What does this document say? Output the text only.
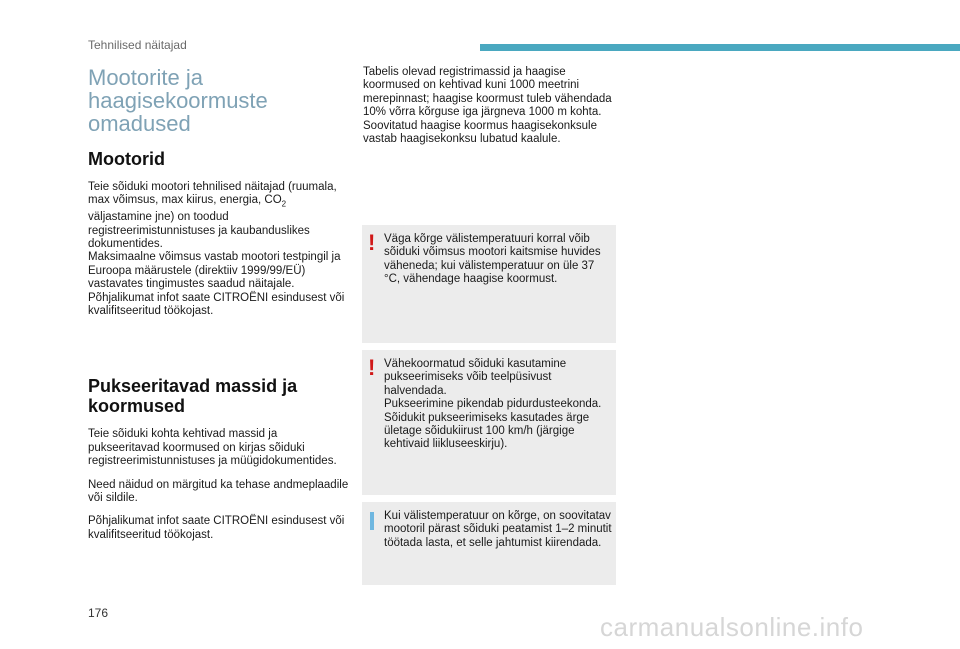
Tehnilised näitajad
Mootorite ja
haagisekoormuste
omadused
Mootorid

Teie sõiduki mootori tehnilised näitajad (ruumala, max võimsus, max kiirus, energia, $CO_2$ väljastamine jne) on toodud registreerimistunnistuses ja kaubanduslikes dokumentides.

Maksimaalne võimsus vastab mootori testpingil ja Euroopa määrustele (direktiiv 1999/99/EÜ) vastavates tingimustes saadud näitajale.
Põhjalikumat infot saate CITROËNI esindusest või kvalifitseeritud töökojast.

Pukseeritavad massid ja koormused

Teie sõiduki kohta kehtivad massid ja pukseeritavad koormused on kirjas sõiduki registreerimistunnistuses ja müügidokumentides.

Need näidud on märgitud ka tehase andmeplaadile või sildile.

Põhjalikumat infot saate CITROËNI esindusest või kvalifitseeritud töökojast.

Tabelis olevad registrimassid ja haagise koormused on kehtivad kuni 1000 meetrini merepinnast; haagise koormust tuleb vähendada 10% võrra kõrguse iga järgneva 1000 m kohta.
Soovitatud haagise koormus haagisekonksule vastab haagisekonksu lubatud kaalule.

! Väga kõrge välistemperatuuri korral võib sõiduki võimsus mootori kaitsmise huvides väheneda; kui välistemperatuur on üle 37 °C, vähendage haagise koormust.

! Vähekoormatud sõiduki kasutamine pukseerimiseks võib teelpüsivust halvendada.
Pukseerimine pikendab pidurdusteekonda.
Sõidukit pukseerimiseks kasutades ärge ületage sõidukiirust 100 km/h (järgige kehtivaid liikluseeskirju).

Kui välistemperatuur on kõrge, on soovitatav mootoril pärast sõiduki peatamist 1–2 minutit töötada lasta, et selle jahtumist kiirendada.

176	carmanualsonline.info
